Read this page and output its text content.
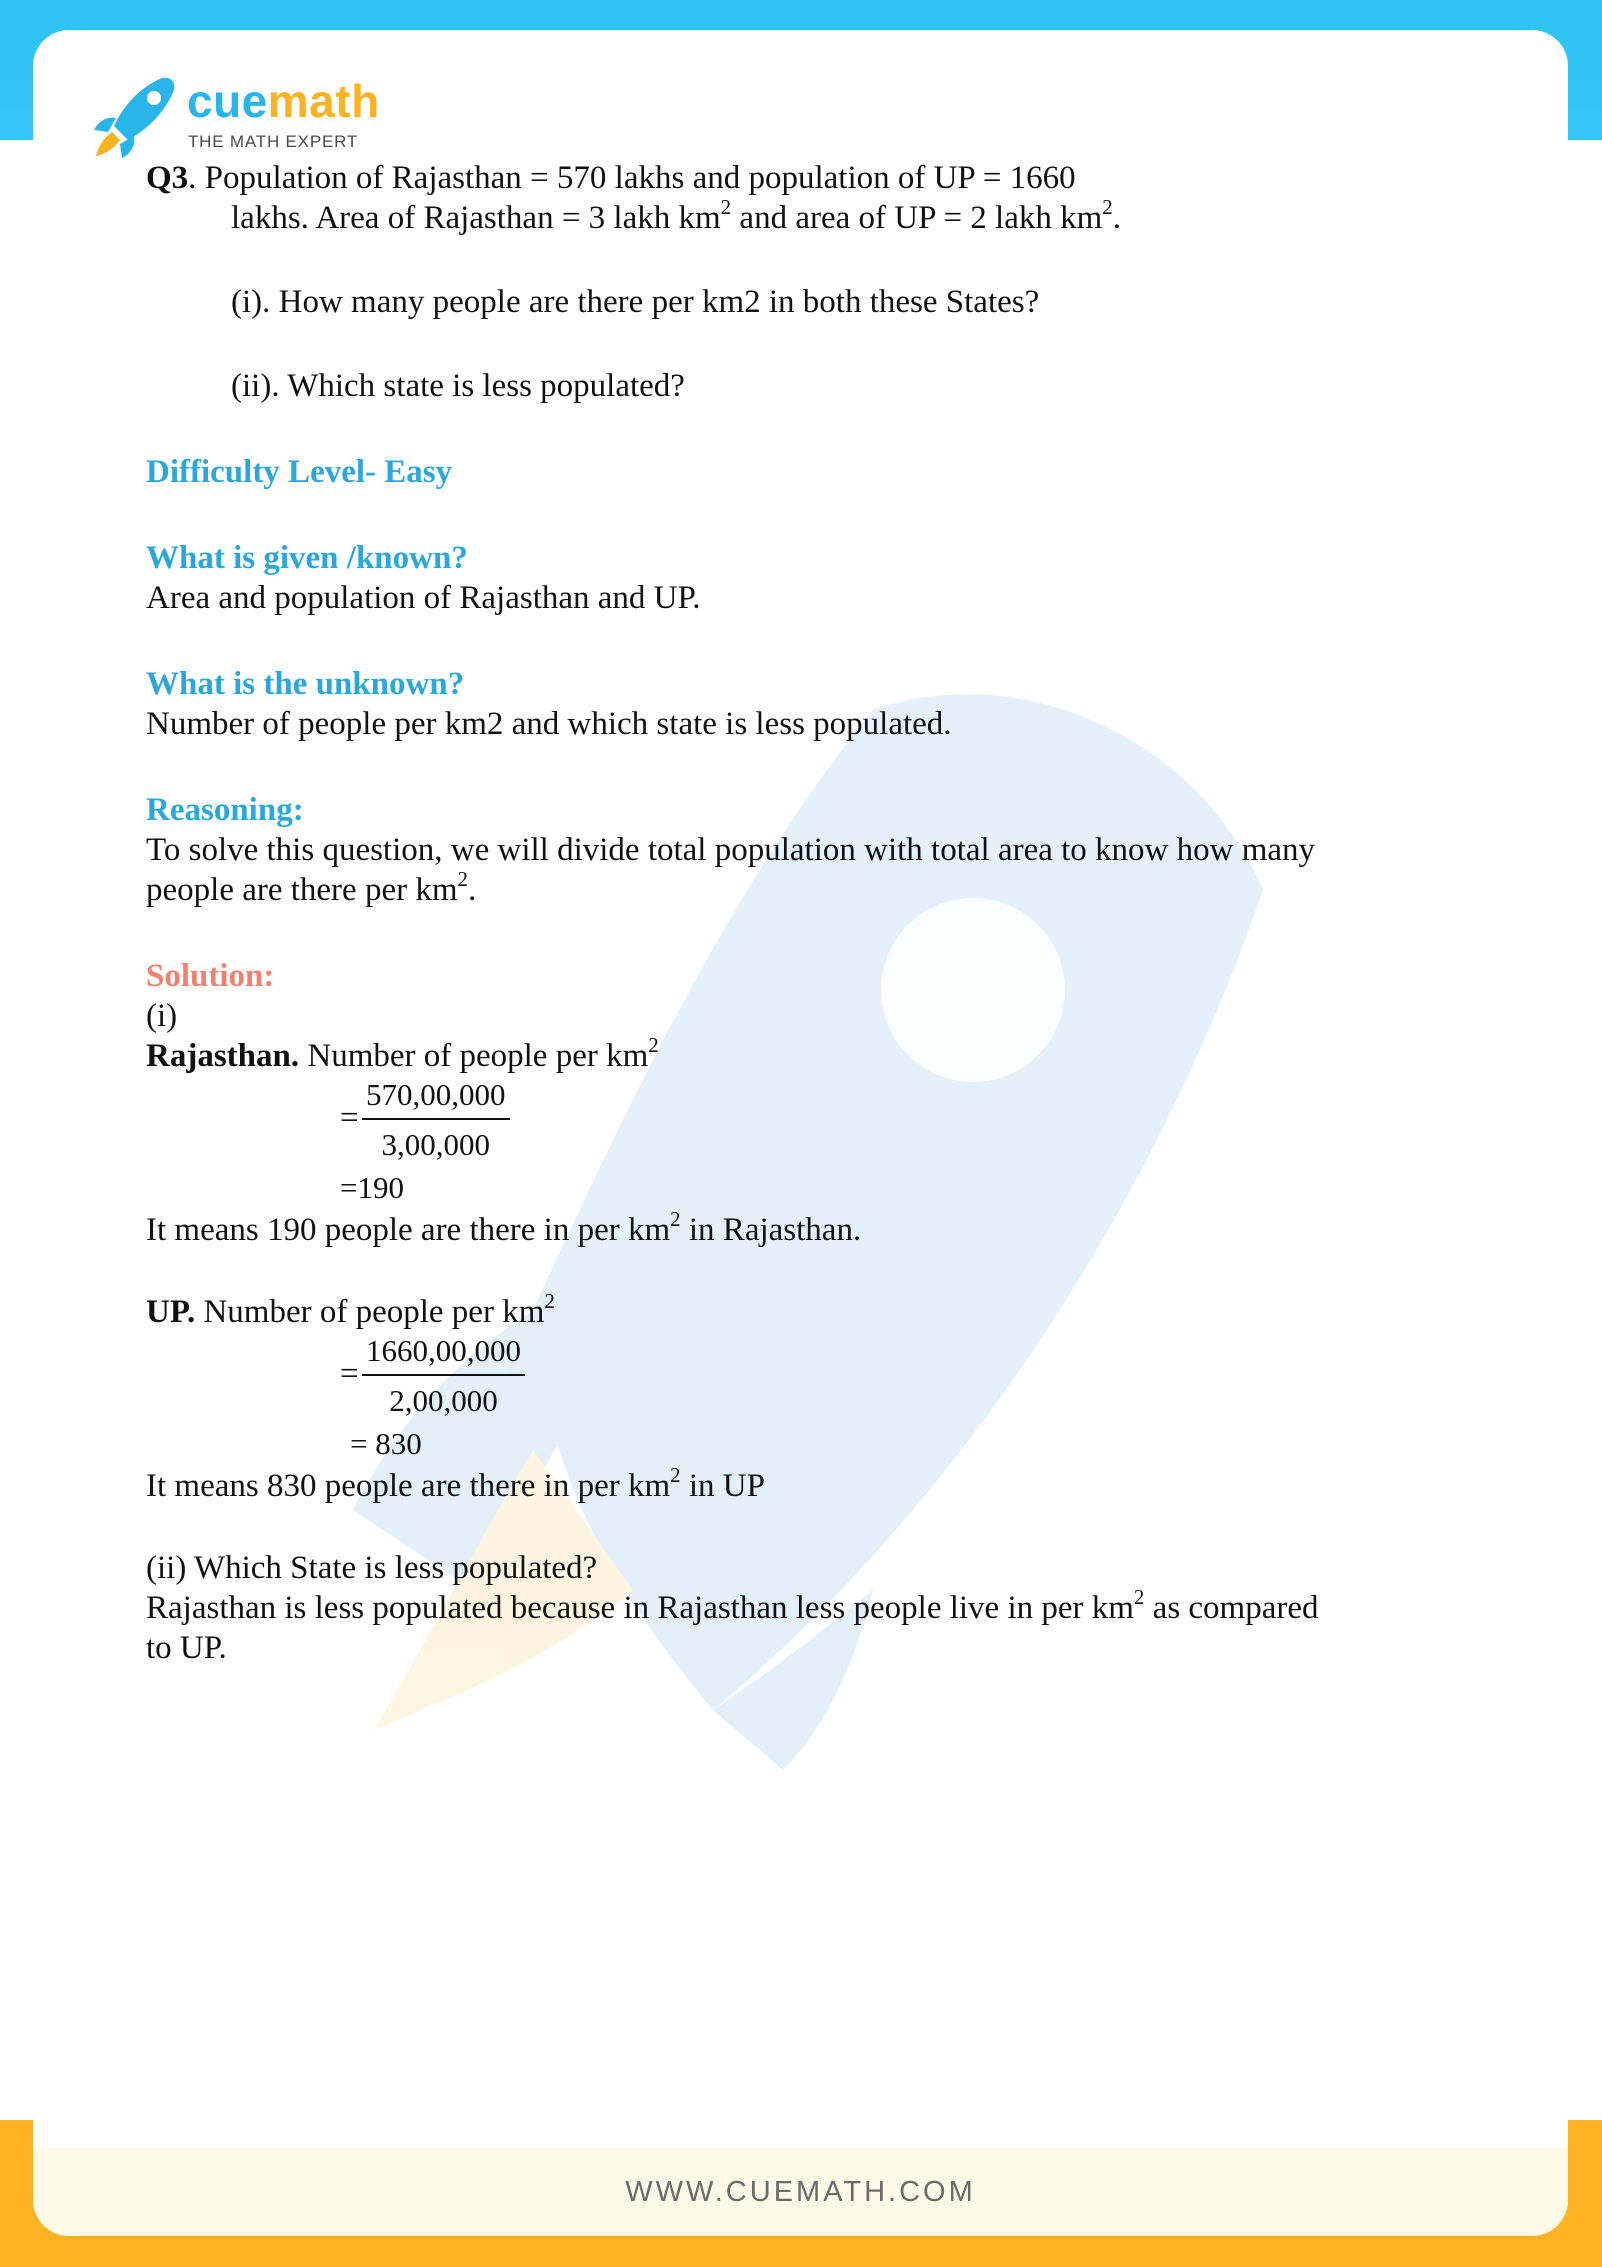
WWW.CUEMATH.COM
cuemath
THE MATH EXPERT

Q3. Population of Rajasthan = 570 lakhs and population of UP = 1660

lakhs. Area of Rajasthan = 3 lakh $km^2$ and area of UP = 2 lakh $km^2$.

(i). How many people are there per km2 in both these States?

(ii). Which state is less populated?

Difficulty Level- Easy

What is given /known?

Area and population of Rajasthan and UP.

What is the unknown?

Number of people per km2 and which state is less populated.

Reasoning:

To solve this question, we will divide total population with total area to know how many

people are there per $km^2$.

Solution:

(i)

Rajasthan. Number of people per $km^2$

=
570,00,000
3,00,000
=190

It means 190 people are there in per $km^2$ in Rajasthan.

UP. Number of people per $km^2$

=
1660,00,000
2,00,000
= 830

It means 830 people are there in per $km^2$ in UP

(ii) Which State is less populated?

Rajasthan is less populated because in Rajasthan less people live in per $km^2$ as compared

to UP.
